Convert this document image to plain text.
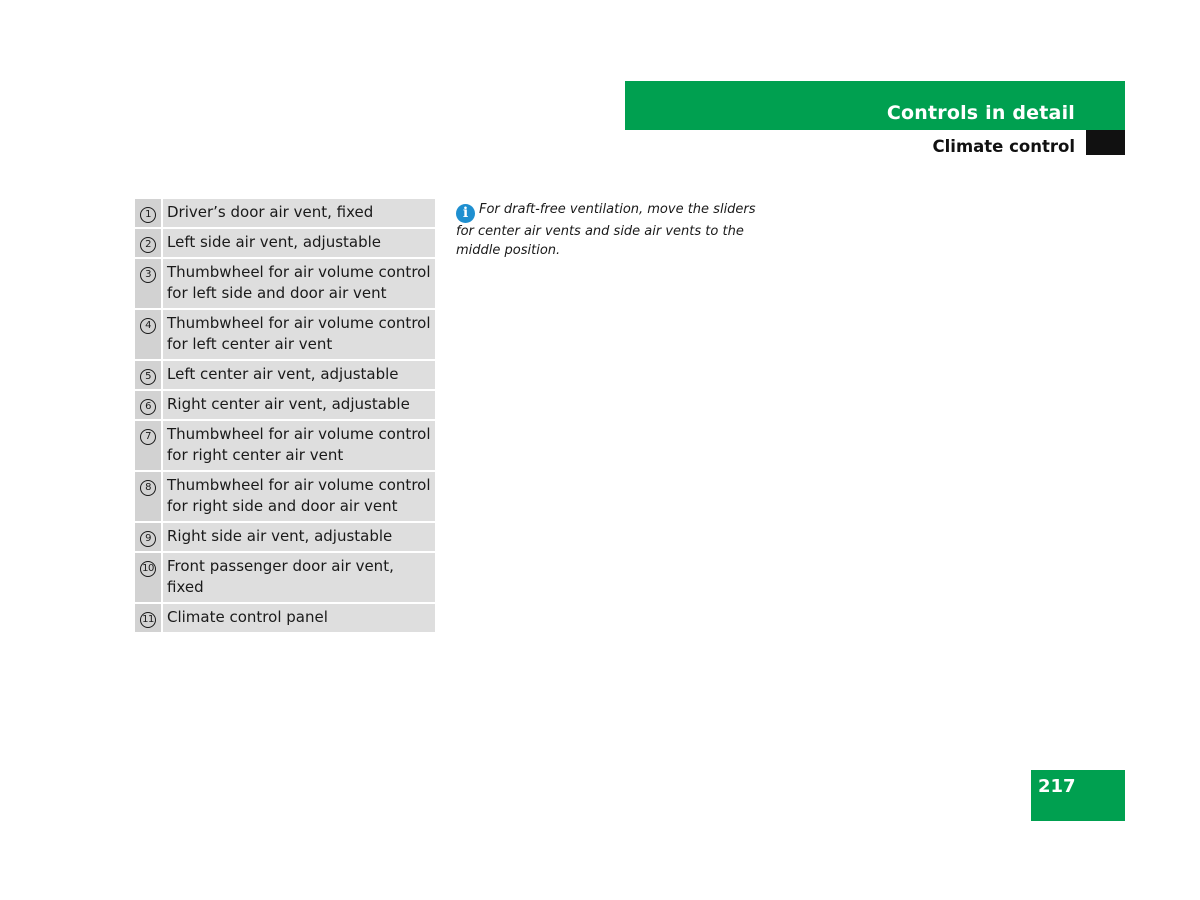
Controls in detail
Climate control
1	Driver’s door air vent, fixed
2	Left side air vent, adjustable
3	Thumbwheel for air volume control for left side and door air vent
4	Thumbwheel for air volume control for left center air vent
5	Left center air vent, adjustable
6	Right center air vent, adjustable
7	Thumbwheel for air volume control for right center air vent
8	Thumbwheel for air volume control for right side and door air vent
9	Right side air vent, adjustable
10	Front passenger door air vent, fixed
11	Climate control panel
i For draft-free ventilation, move the sliders for center air vents and side air vents to the middle position.
217
